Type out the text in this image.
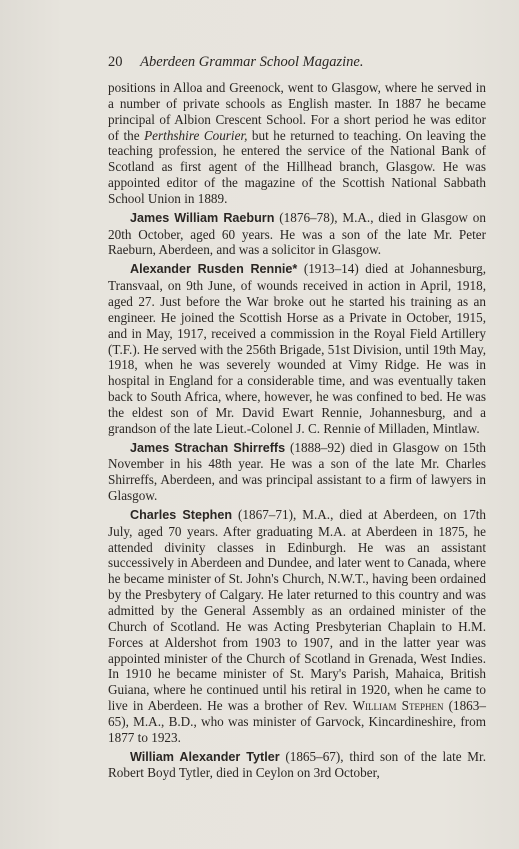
20 Aberdeen Grammar School Magazine.

positions in Alloa and Greenock, went to Glasgow, where he served in a number of private schools as English master. In 1887 he became principal of Albion Crescent School. For a short period he was editor of the Perthshire Courier, but he returned to teaching. On leaving the teaching profession, he entered the service of the National Bank of Scotland as first agent of the Hillhead branch, Glasgow. He was appointed editor of the magazine of the Scottish National Sabbath School Union in 1889.

James William Raeburn (1876–78), M.A., died in Glasgow on 20th October, aged 60 years. He was a son of the late Mr. Peter Raeburn, Aberdeen, and was a solicitor in Glasgow.

Alexander Rusden Rennie* (1913–14) died at Johannesburg, Transvaal, on 9th June, of wounds received in action in April, 1918, aged 27. Just before the War broke out he started his training as an engineer. He joined the Scottish Horse as a Private in October, 1915, and in May, 1917, received a commission in the Royal Field Artillery (T.F.). He served with the 256th Brigade, 51st Division, until 19th May, 1918, when he was severely wounded at Vimy Ridge. He was in hospital in England for a considerable time, and was eventually taken back to South Africa, where, however, he was confined to bed. He was the eldest son of Mr. David Ewart Rennie, Johannesburg, and a grandson of the late Lieut.-Colonel J. C. Rennie of Milladen, Mintlaw.

James Strachan Shirreffs (1888–92) died in Glasgow on 15th November in his 48th year. He was a son of the late Mr. Charles Shirreffs, Aberdeen, and was principal assistant to a firm of lawyers in Glasgow.

Charles Stephen (1867–71), M.A., died at Aberdeen, on 17th July, aged 70 years. After graduating M.A. at Aberdeen in 1875, he attended divinity classes in Edinburgh. He was an assistant successively in Aberdeen and Dundee, and later went to Canada, where he became minister of St. John's Church, N.W.T., having been ordained by the Presbytery of Calgary. He later returned to this country and was admitted by the General Assembly as an ordained minister of the Church of Scotland. He was Acting Presbyterian Chaplain to H.M. Forces at Aldershot from 1903 to 1907, and in the latter year was appointed minister of the Church of Scotland in Grenada, West Indies. In 1910 he became minister of St. Mary's Parish, Mahaica, British Guiana, where he continued until his retiral in 1920, when he came to live in Aberdeen. He was a brother of Rev. William Stephen (1863–65), M.A., B.D., who was minister of Garvock, Kincardineshire, from 1877 to 1923.

William Alexander Tytler (1865–67), third son of the late Mr. Robert Boyd Tytler, died in Ceylon on 3rd October,
